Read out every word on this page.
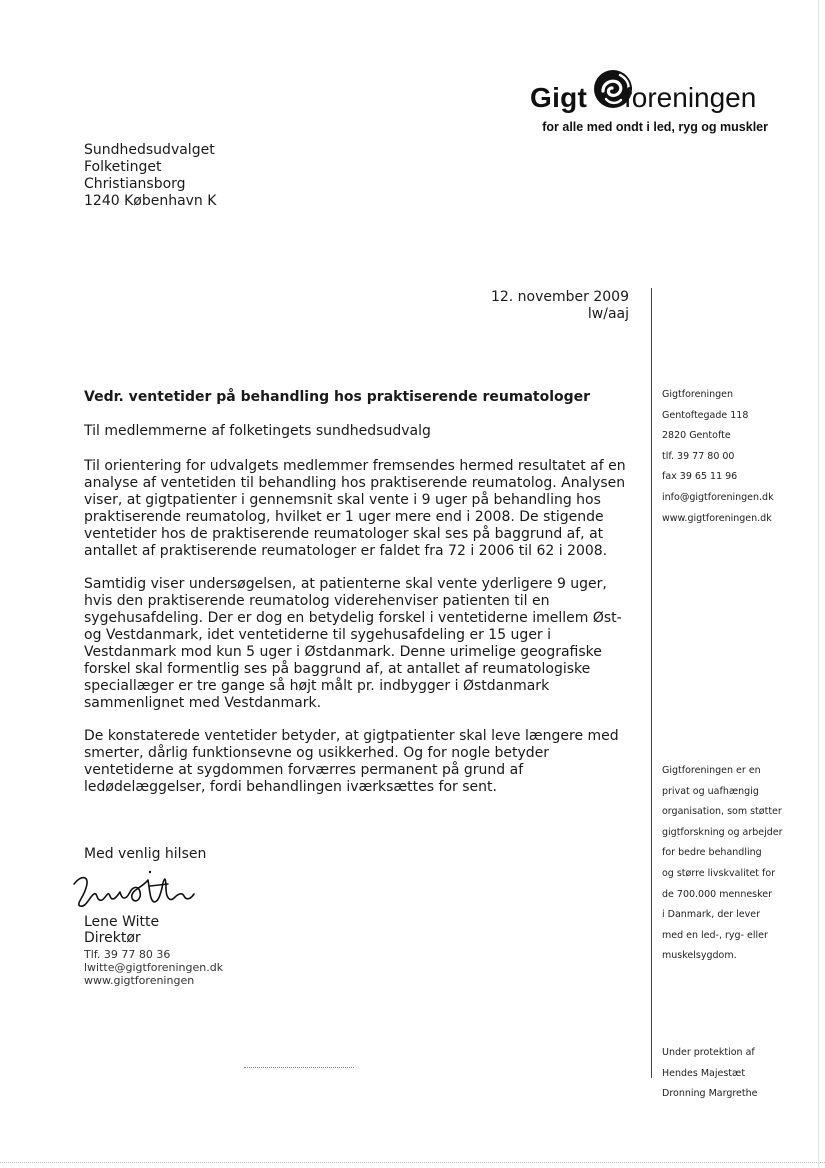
Gigt foreningen
for alle med ondt i led, ryg og muskler
Sundhedsudvalget
Folketinget
Christiansborg
1240 København K
12. november 2009
lw/aaj
Vedr. ventetider på behandling hos praktiserende reumatologer
Til medlemmerne af folketingets sundhedsudvalg
Til orientering for udvalgets medlemmer fremsendes hermed resultatet af en
analyse af ventetiden til behandling hos praktiserende reumatolog. Analysen
viser, at gigtpatienter i gennemsnit skal vente i 9 uger på behandling hos
praktiserende reumatolog, hvilket er 1 uger mere end i 2008. De stigende
ventetider hos de praktiserende reumatologer skal ses på baggrund af, at
antallet af praktiserende reumatologer er faldet fra 72 i 2006 til 62 i 2008.
Samtidig viser undersøgelsen, at patienterne skal vente yderligere 9 uger,
hvis den praktiserende reumatolog viderehenviser patienten til en
sygehusafdeling. Der er dog en betydelig forskel i ventetiderne imellem Øst-
og Vestdanmark, idet ventetiderne til sygehusafdeling er 15 uger i
Vestdanmark mod kun 5 uger i Østdanmark. Denne urimelige geografiske
forskel skal formentlig ses på baggrund af, at antallet af reumatologiske
speciallæger er tre gange så højt målt pr. indbygger i Østdanmark
sammenlignet med Vestdanmark.
De konstaterede ventetider betyder, at gigtpatienter skal leve længere med
smerter, dårlig funktionsevne og usikkerhed. Og for nogle betyder
ventetiderne at sygdommen forværres permanent på grund af
ledødelæggelser, fordi behandlingen iværksættes for sent.
Med venlig hilsen
Lene Witte
Direktør
Tlf. 39 77 80 36
lwitte@gigtforeningen.dk
www.gigtforeningen
Gigtforeningen
Gentoftegade 118
2820 Gentofte
tlf. 39 77 80 00
fax 39 65 11 96
info@gigtforeningen.dk
www.gigtforeningen.dk
Gigtforeningen er en
privat og uafhængig
organisation, som støtter
gigtforskning og arbejder
for bedre behandling
og større livskvalitet for
de 700.000 mennesker
i Danmark, der lever
med en led-, ryg- eller
muskelsygdom.
Under protektion af
Hendes Majestæt
Dronning Margrethe
